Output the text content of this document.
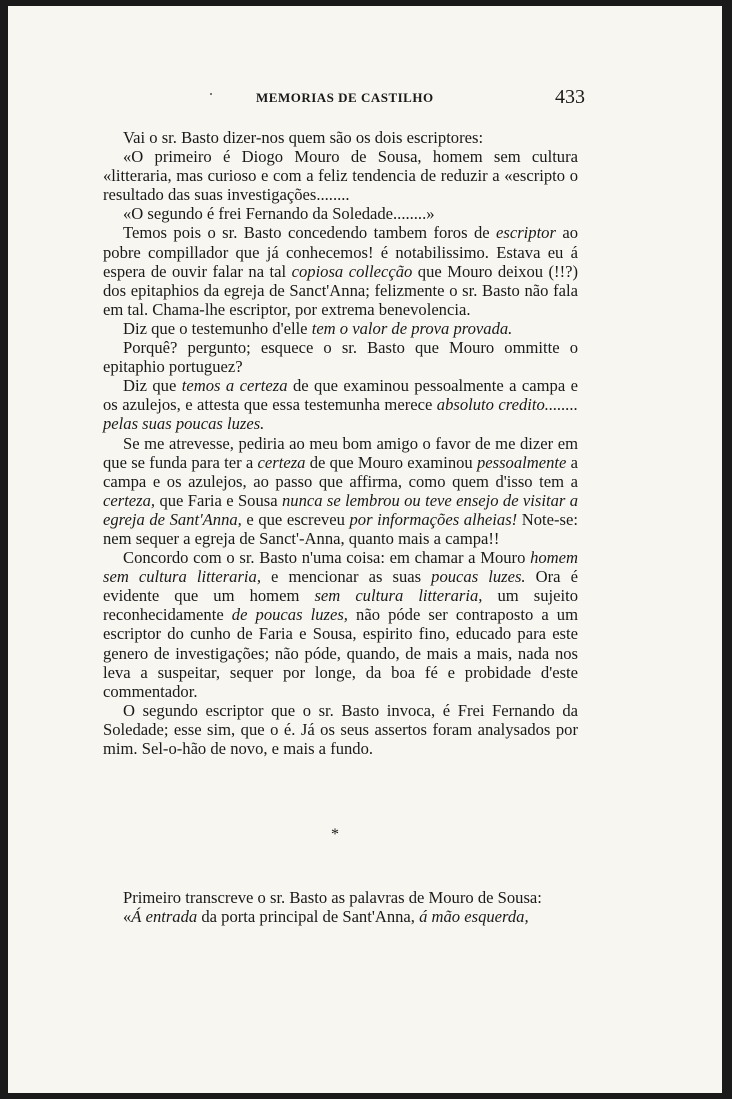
MEMORIAS DE CASTILHO	433

Vai o sr. Basto dizer-nos quem são os dois escriptores:

«O primeiro é Diogo Mouro de Sousa, homem sem cultura «litteraria, mas curioso e com a feliz tendencia de reduzir a «escripto o resultado das suas investigações........

«O segundo é frei Fernando da Soledade........»

Temos pois o sr. Basto concedendo tambem foros de escriptor ao pobre compillador que já conhecemos! é notabilissimo. Estava eu á espera de ouvir falar na tal copiosa collecção que Mouro deixou (!!?) dos epitaphios da egreja de Sanct'Anna; felizmente o sr. Basto não fala em tal. Chama-lhe escriptor, por extrema benevolencia.

Diz que o testemunho d'elle tem o valor de prova provada.

Porquê? pergunto; esquece o sr. Basto que Mouro ommitte o epitaphio portuguez?

Diz que temos a certeza de que examinou pessoalmente a campa e os azulejos, e attesta que essa testemunha merece absoluto credito........ pelas suas poucas luzes.

Se me atrevesse, pediria ao meu bom amigo o favor de me dizer em que se funda para ter a certeza de que Mouro examinou pessoalmente a campa e os azulejos, ao passo que affirma, como quem d'isso tem a certeza, que Faria e Sousa nunca se lembrou ou teve ensejo de visitar a egreja de Sant'Anna, e que escreveu por informações alheias! Note-se: nem sequer a egreja de Sanct'-Anna, quanto mais a campa!!

Concordo com o sr. Basto n'uma coisa: em chamar a Mouro homem sem cultura litteraria, e mencionar as suas poucas luzes. Ora é evidente que um homem sem cultura litteraria, um sujeito reconhecidamente de poucas luzes, não póde ser contraposto a um escriptor do cunho de Faria e Sousa, espirito fino, educado para este genero de investigações; não póde, quando, de mais a mais, nada nos leva a suspeitar, sequer por longe, da boa fé e probidade d'este commentador.

O segundo escriptor que o sr. Basto invoca, é Frei Fernando da Soledade; esse sim, que o é. Já os seus assertos foram analysados por mim. Sel-o-hão de novo, e mais a fundo.

*

Primeiro transcreve o sr. Basto as palavras de Mouro de Sousa:

«Á entrada da porta principal de Sant'Anna, á mão esquerda,
